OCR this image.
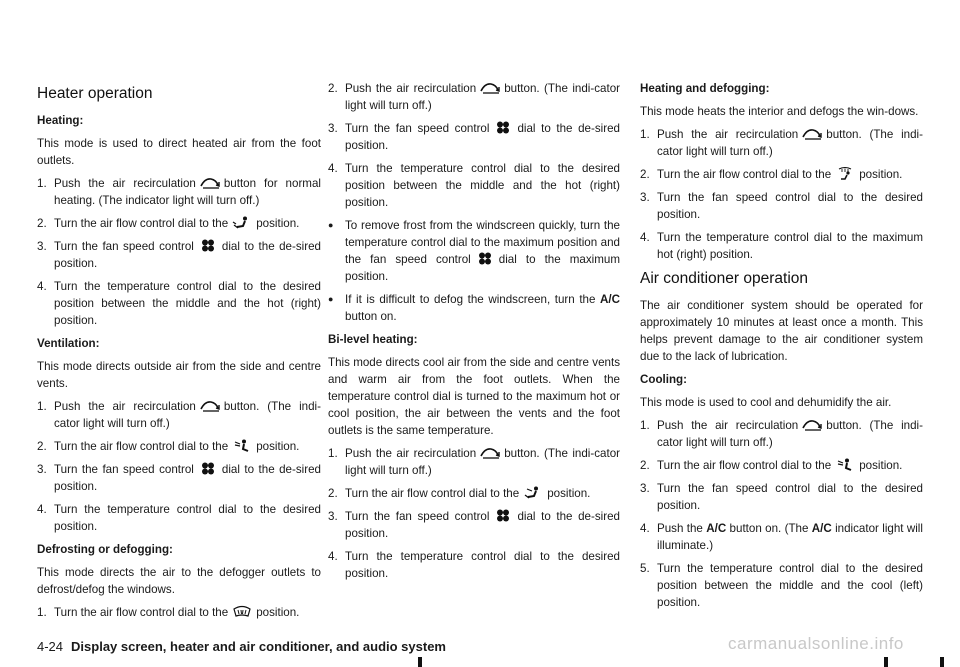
Heater operation
Heating:

This mode is used to direct heated air from the foot outlets.

1. Push the air recirculation button for normal heating. (The indicator light will turn off.)
2. Turn the air flow control dial to the position.
3. Turn the fan speed control dial to the de-sired position.
4. Turn the temperature control dial to the desired position between the middle and the hot (right) position.
Ventilation:

This mode directs outside air from the side and centre vents.

1. Push the air recirculation button. (The indi-cator light will turn off.)
2. Turn the air flow control dial to the position.
3. Turn the fan speed control dial to the de-sired position.
4. Turn the temperature control dial to the desired position.
Defrosting or defogging:

This mode directs the air to the defogger outlets to defrost/defog the windows.

1. Turn the air flow control dial to the position.
2. Push the air recirculation button. (The indi-cator light will turn off.)
3. Turn the fan speed control dial to the de-sired position.
4. Turn the temperature control dial to the desired position between the middle and the hot (right) position.
● To remove frost from the windscreen quickly, turn the temperature control dial to the maximum position and the fan speed control dial to the maximum position.
● If it is difficult to defog the windscreen, turn the A/C button on.
Bi-level heating:

This mode directs cool air from the side and centre vents and warm air from the foot outlets. When the temperature control dial is turned to the maximum hot or cool position, the air between the vents and the foot outlets is the same temperature.

1. Push the air recirculation button. (The indi-cator light will turn off.)
2. Turn the air flow control dial to the position.
3. Turn the fan speed control dial to the de-sired position.
4. Turn the temperature control dial to the desired position.
Heating and defogging:

This mode heats the interior and defogs the win-dows.

1. Push the air recirculation button. (The indi-cator light will turn off.)
2. Turn the air flow control dial to the position.
3. Turn the fan speed control dial to the desired position.
4. Turn the temperature control dial to the maximum hot (right) position.
Air conditioner operation

The air conditioner system should be operated for approximately 10 minutes at least once a month. This helps prevent damage to the air conditioner system due to the lack of lubrication.

Cooling:

This mode is used to cool and dehumidify the air.

1. Push the air recirculation button. (The indi-cator light will turn off.)
2. Turn the air flow control dial to the position.
3. Turn the fan speed control dial to the desired position.
4. Push the A/C button on. (The A/C indicator light will illuminate.)
5. Turn the temperature control dial to the desired position between the middle and the cool (left) position.
4-24 Display screen, heater and air conditioner, and audio system	carmanualsonline.info
